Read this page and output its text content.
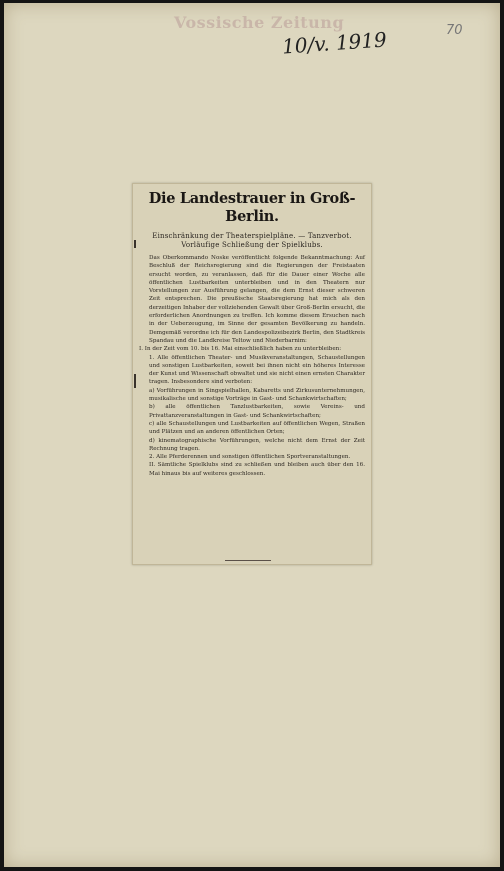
Vossische Zeitung
10/v. 1919	70
Die Landestrauer in Groß-Berlin.
Einschränkung der Theaterspielpläne. — Tanzverbot.
Vorläufige Schließung der Spielklubs.

Das Oberkommando Noske veröffentlicht folgende Bekanntmachung: Auf Beschluß der Reichsregierung sind die Regierungen der Freistaaten ersucht worden, zu veranlassen, daß für die Dauer einer Woche alle öffentlichen Lustbarkeiten unterbleiben und in den Theatern nur Vorstellungen zur Ausführung gelangen, die dem Ernst dieser schweren Zeit entsprechen. Die preußische Staatsregierung hat mich als den derzeitigen Inhaber der vollziehenden Gewalt über Groß-Berlin ersucht, die erforderlichen Anordnungen zu treffen. Ich komme diesem Ersuchen nach in der Ueberzeugung, im Sinne der gesamten Bevölkerung zu handeln. Demgemäß verordne ich für den Landespolizeibezirk Berlin, den Stadtkreis Spandau und die Landkreise Teltow und Niederbarnim:

I. In der Zeit vom 10. bis 16. Mai einschließlich haben zu unterbleiben:

1. Alle öffentlichen Theater- und Musikveranstaltungen, Schaustellungen und sonstigen Lustbarkeiten, soweit bei ihnen nicht ein höheres Interesse der Kunst und Wissenschaft obwaltet und sie nicht einen ernsten Charakter tragen. Insbesondere sind verboten:

a) Vorführungen in Singspielhallen, Kabaretts und Zirkusunternehmungen, musikalische und sonstige Vorträge in Gast- und Schankwirtschaften;

b) alle öffentlichen Tanzlustbarkeiten, sowie Vereins- und Privattanzveranstaltungen in Gast- und Schankwirtschaften;

c) alle Schaustellungen und Lustbarkeiten auf öffentlichen Wegen, Straßen und Plätzen und an anderen öffentlichen Orten;

d) kinematographische Vorführungen, welche nicht dem Ernst der Zeit Rechnung tragen.

2. Alle Pferderennen und sonstigen öffentlichen Sportveranstaltungen.

II. Sämtliche Spielklubs sind zu schließen und bleiben auch über den 16. Mai hinaus bis auf weiteres geschlossen.
